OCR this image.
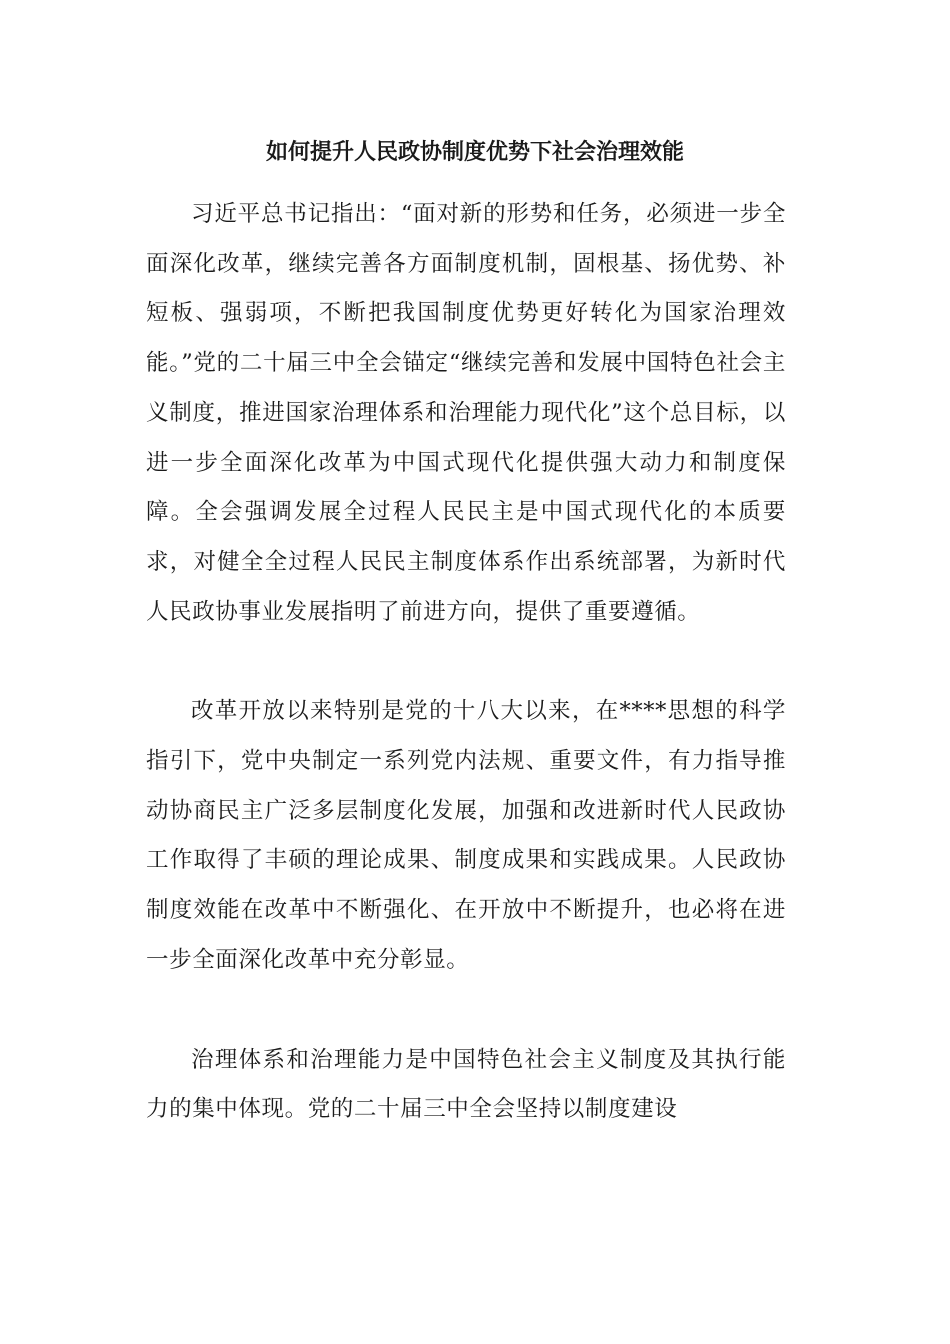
如何提升人民政协制度优势下社会治理效能

习近平总书记指出：“面对新的形势和任务，必须进一步全面深化改革，继续完善各方面制度机制，固根基、扬优势、补短板、强弱项，不断把我国制度优势更好转化为国家治理效能。”党的二十届三中全会锚定“继续完善和发展中国特色社会主义制度，推进国家治理体系和治理能力现代化”这个总目标，以进一步全面深化改革为中国式现代化提供强大动力和制度保障。全会强调发展全过程人民民主是中国式现代化的本质要求，对健全全过程人民民主制度体系作出系统部署，为新时代人民政协事业发展指明了前进方向，提供了重要遵循。

改革开放以来特别是党的十八大以来，在****思想的科学指引下，党中央制定一系列党内法规、重要文件，有力指导推动协商民主广泛多层制度化发展，加强和改进新时代人民政协工作取得了丰硕的理论成果、制度成果和实践成果。人民政协制度效能在改革中不断强化、在开放中不断提升，也必将在进一步全面深化改革中充分彰显。

治理体系和治理能力是中国特色社会主义制度及其执行能力的集中体现。党的二十届三中全会坚持以制度建设
